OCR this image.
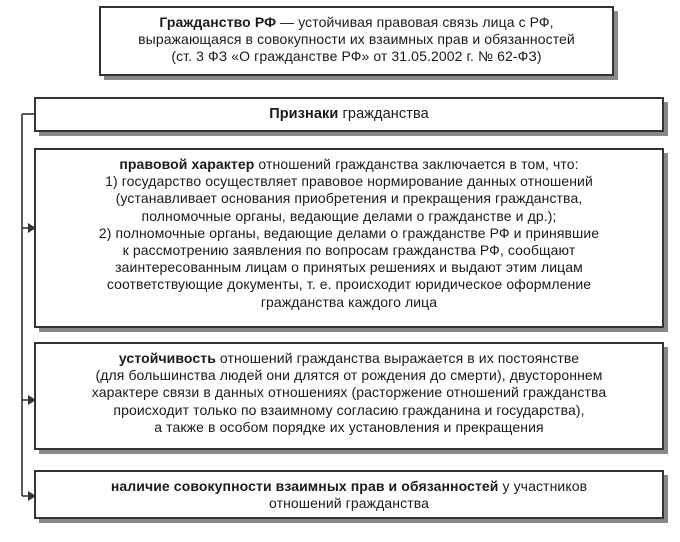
Гражданство РФ — устойчивая правовая связь лица с РФ,
выражающаяся в совокупности их взаимных прав и обязанностей
(ст. 3 ФЗ «О гражданстве РФ» от 31.05.2002 г. № 62-ФЗ)
Признаки гражданства
правовой характер отношений гражданства заключается в том, что:
1) государство осуществляет правовое нормирование данных отношений
(устанавливает основания приобретения и прекращения гражданства,
полномочные органы, ведающие делами о гражданстве и др.);
2) полномочные органы, ведающие делами о гражданстве РФ и принявшие
к рассмотрению заявления по вопросам гражданства РФ, сообщают
заинтересованным лицам о принятых решениях и выдают этим лицам
соответствующие документы, т. е. происходит юридическое оформление
гражданства каждого лица
устойчивость отношений гражданства выражается в их постоянстве
(для большинства людей они длятся от рождения до смерти), двустороннем
характере связи в данных отношениях (расторжение отношений гражданства
происходит только по взаимному согласию гражданина и государства),
а также в особом порядке их установления и прекращения
наличие совокупности взаимных прав и обязанностей у участников
отношений гражданства
